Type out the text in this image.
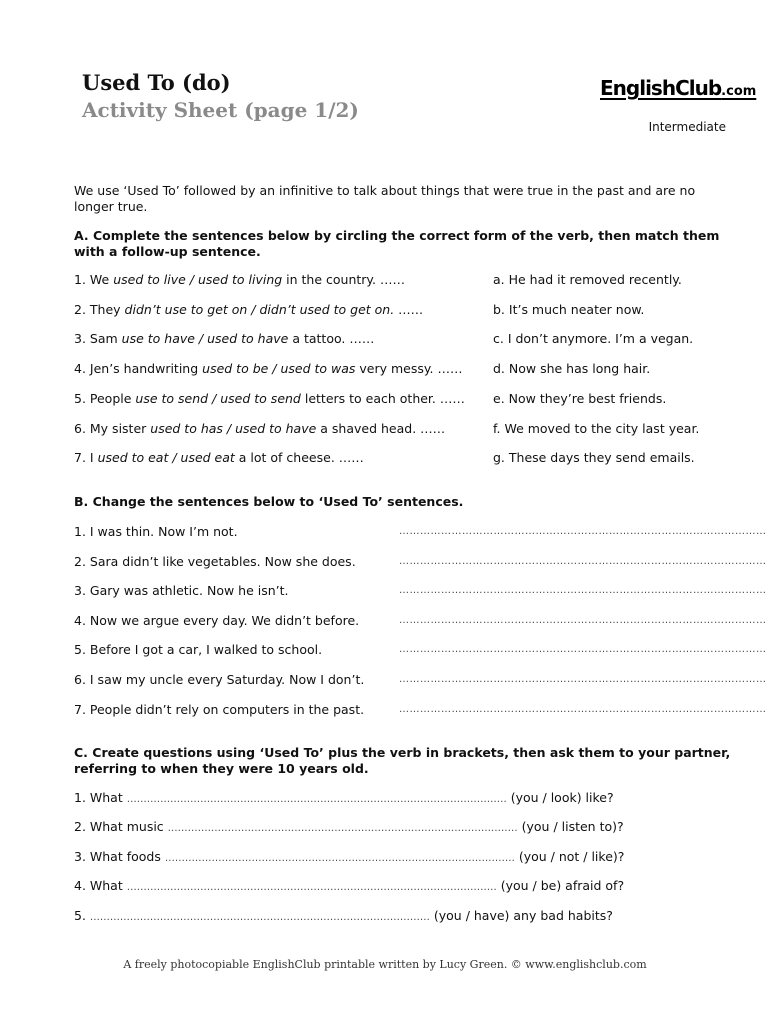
Used To (do)
Activity Sheet (page 1/2)
EnglishClub.com
Intermediate
We use ‘Used To’ followed by an infinitive to talk about things that were true in the past and are no longer true.
A. Complete the sentences below by circling the correct form of the verb, then match them with a follow-up sentence.
1. We used to live / used to living in the country. ……	a. He had it removed recently.
2. They didn’t use to get on / didn’t used to get on. ……	b. It’s much neater now.
3. Sam use to have / used to have a tattoo. ……	c. I don’t anymore. I’m a vegan.
4. Jen’s handwriting used to be / used to was very messy. …… d. Now she has long hair.
5. People use to send / used to send letters to each other. …… e. Now they’re best friends.
6. My sister used to has / used to have a shaved head. ……	f. We moved to the city last year.
7. I used to eat / used eat a lot of cheese. ……	g. These days they send emails.
B. Change the sentences below to ‘Used To’ sentences.
1. I was thin. Now I’m not.	……………………………………………………………………………………………
2. Sara didn’t like vegetables. Now she does.	……………………………………………………………………………………………
3. Gary was athletic. Now he isn’t.	……………………………………………………………………………………………
4. Now we argue every day. We didn’t before.	……………………………………………………………………………………………
5. Before I got a car, I walked to school.	……………………………………………………………………………………………
6. I saw my uncle every Saturday. Now I don’t.	……………………………………………………………………………………………
7. People didn’t rely on computers in the past.	……………………………………………………………………………………………
C. Create questions using ‘Used To’ plus the verb in brackets, then ask them to your partner, referring to when they were 10 years old.
1. What …………………………………………………………………………………………………… (you / look) like?
2. What music …………………………………………………………………………………………… (you / listen to)?
3. What foods …………………………………………………………………………………………… (you / not / like)?
4. What ………………………………………………………………………………………………… (you / be) afraid of?
5. ………………………………………………………………………………………… (you / have) any bad habits?
A freely photocopiable EnglishClub printable written by Lucy Green. © www.englishclub.com
